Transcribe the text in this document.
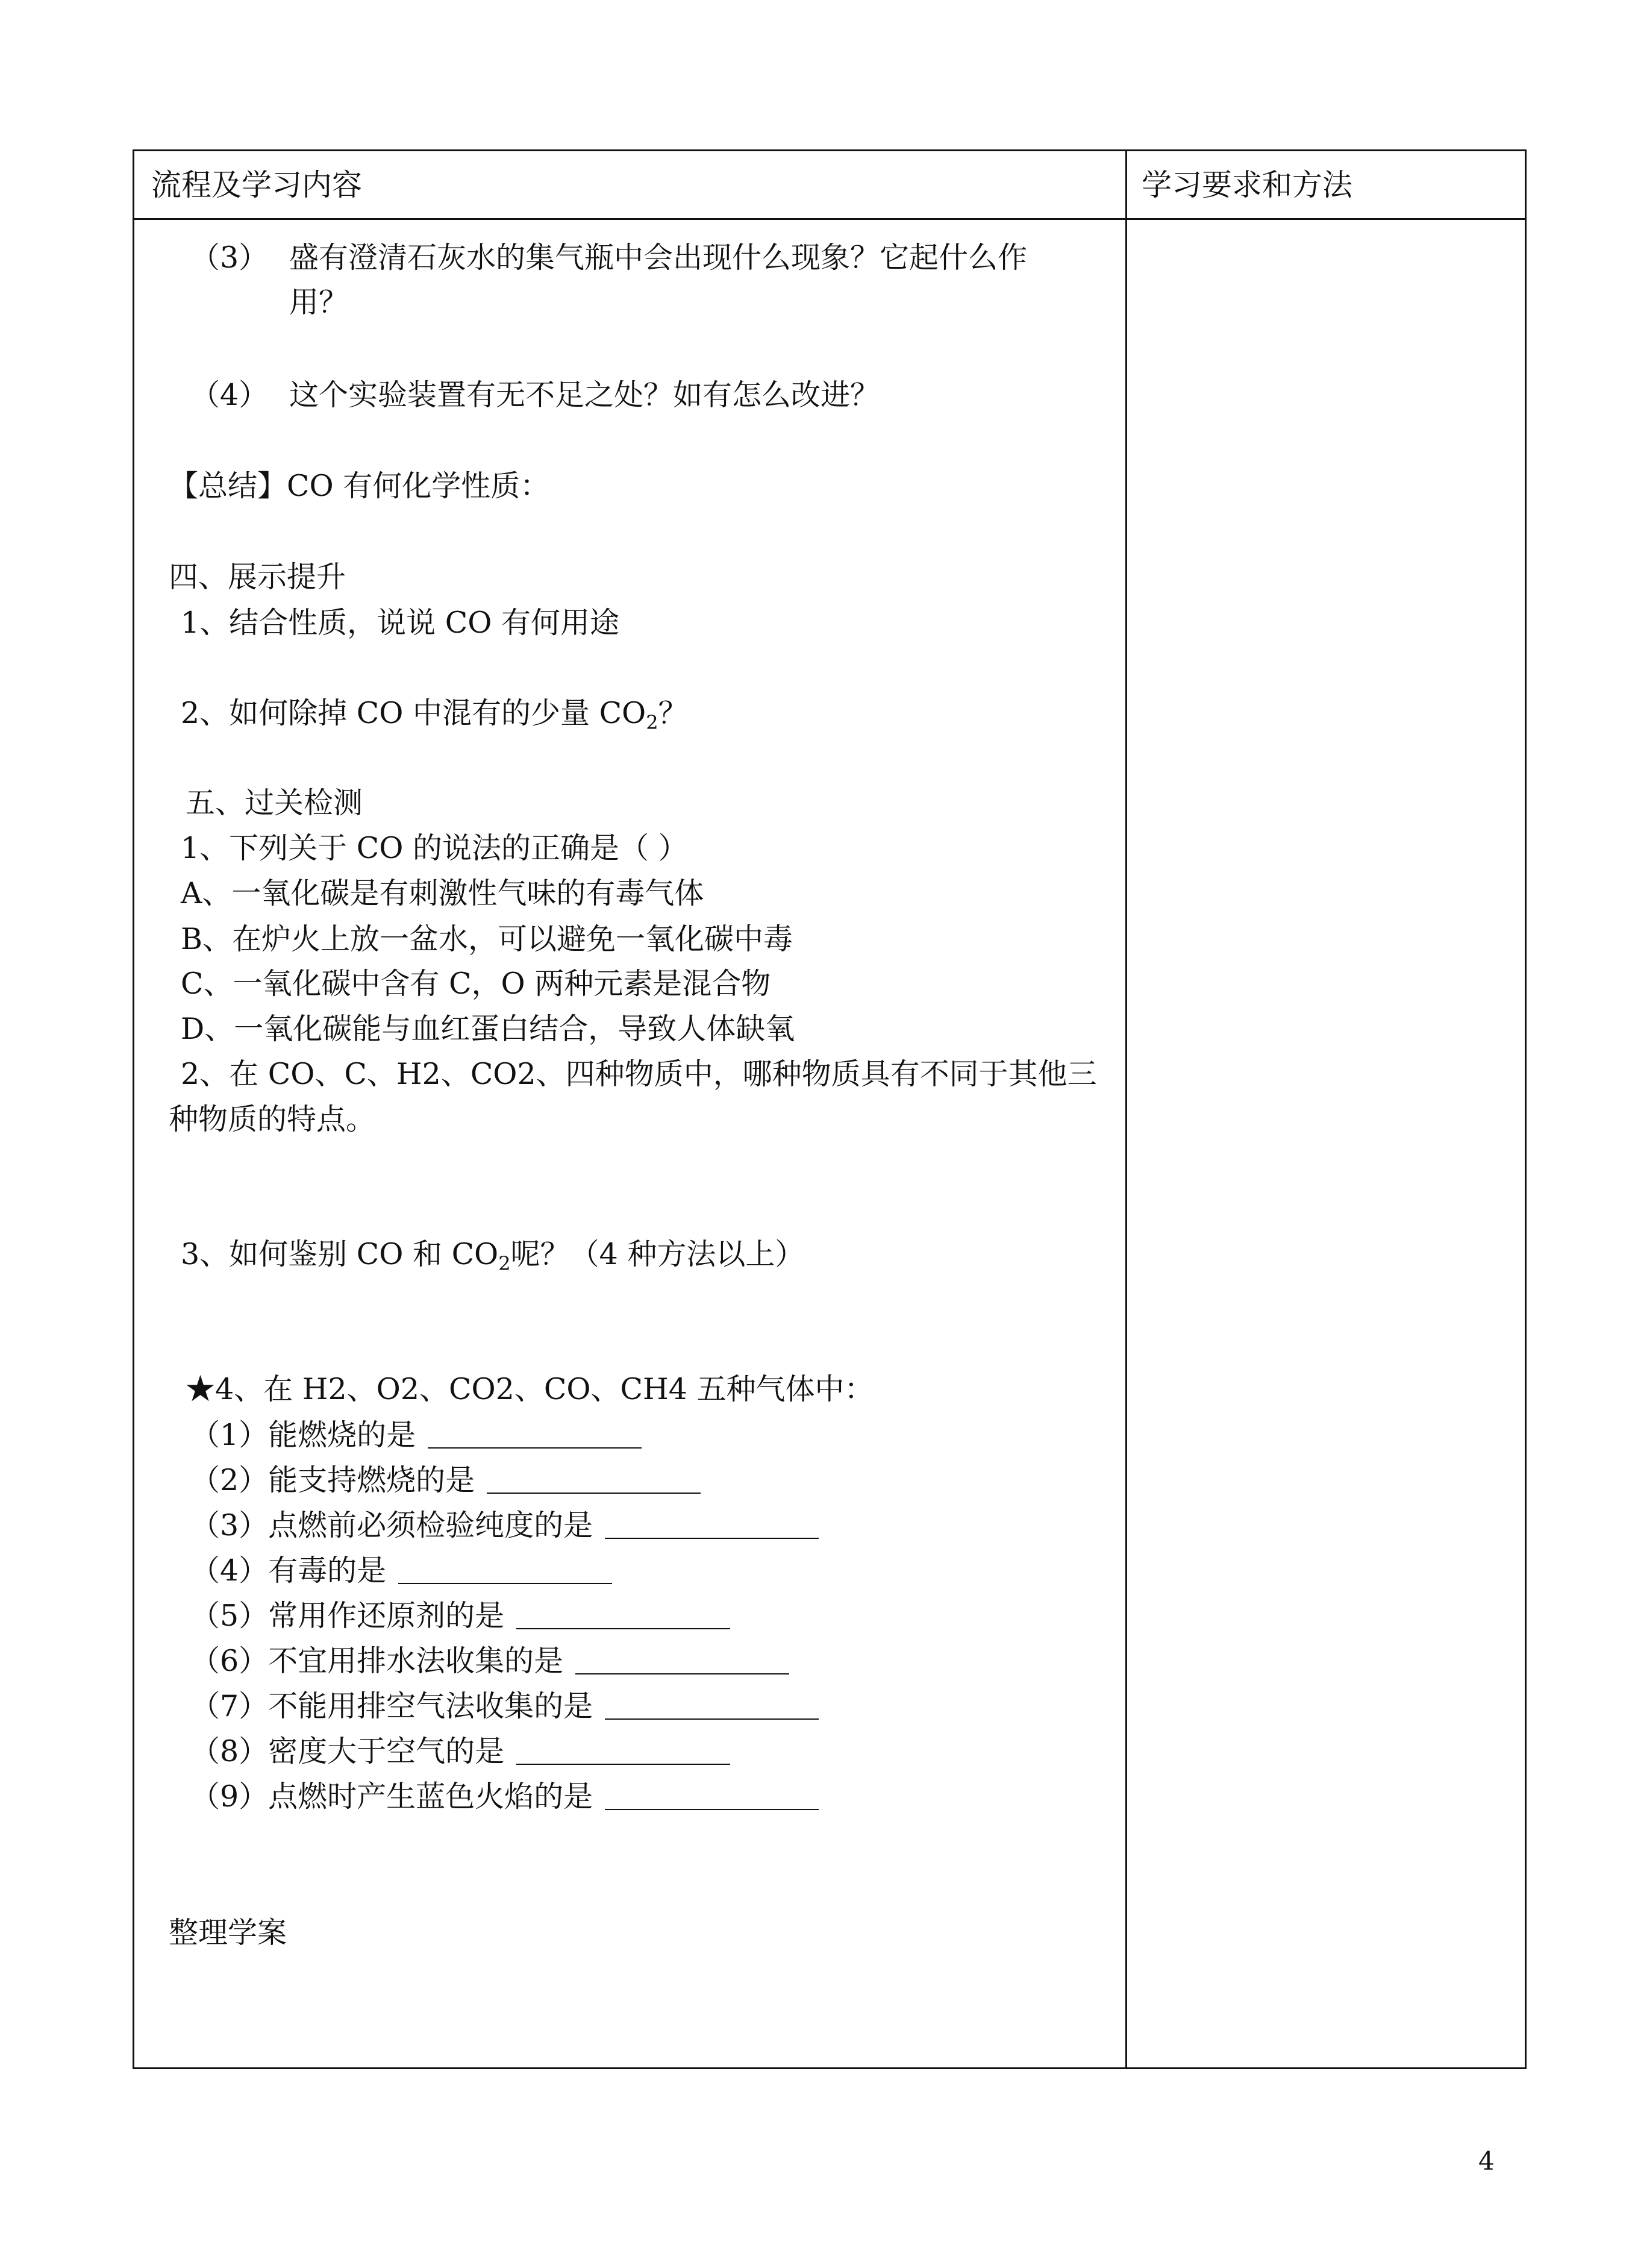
流程及学习内容	学习要求和方法
（3） 盛有澄清石灰水的集气瓶中会出现什么现象？它起什么作
用？
（4） 这个实验装置有无不足之处？如有怎么改进？
【总结】CO 有何化学性质：
四、展示提升
1、结合性质，说说 CO 有何用途
2、如何除掉 CO 中混有的少量 $CO_2$？
五、过关检测
1、下列关于 CO 的说法的正确是（ ）
A、一氧化碳是有刺激性气味的有毒气体
B、在炉火上放一盆水，可以避免一氧化碳中毒
C、一氧化碳中含有 C，O 两种元素是混合物
D、一氧化碳能与血红蛋白结合，导致人体缺氧
2、在 CO、C、H2、CO2、四种物质中，哪种物质具有不同于其他三
种物质的特点。
3、如何鉴别 CO 和 $CO_2$呢？（4 种方法以上）
★4、在 H2、O2、CO2、CO、CH4 五种气体中：
（1）能燃烧的是
（2）能支持燃烧的是
（3）点燃前必须检验纯度的是
（4）有毒的是
（5）常用作还原剂的是
（6）不宜用排水法收集的是
（7）不能用排空气法收集的是
（8）密度大于空气的是
（9）点燃时产生蓝色火焰的是
整理学案
4
